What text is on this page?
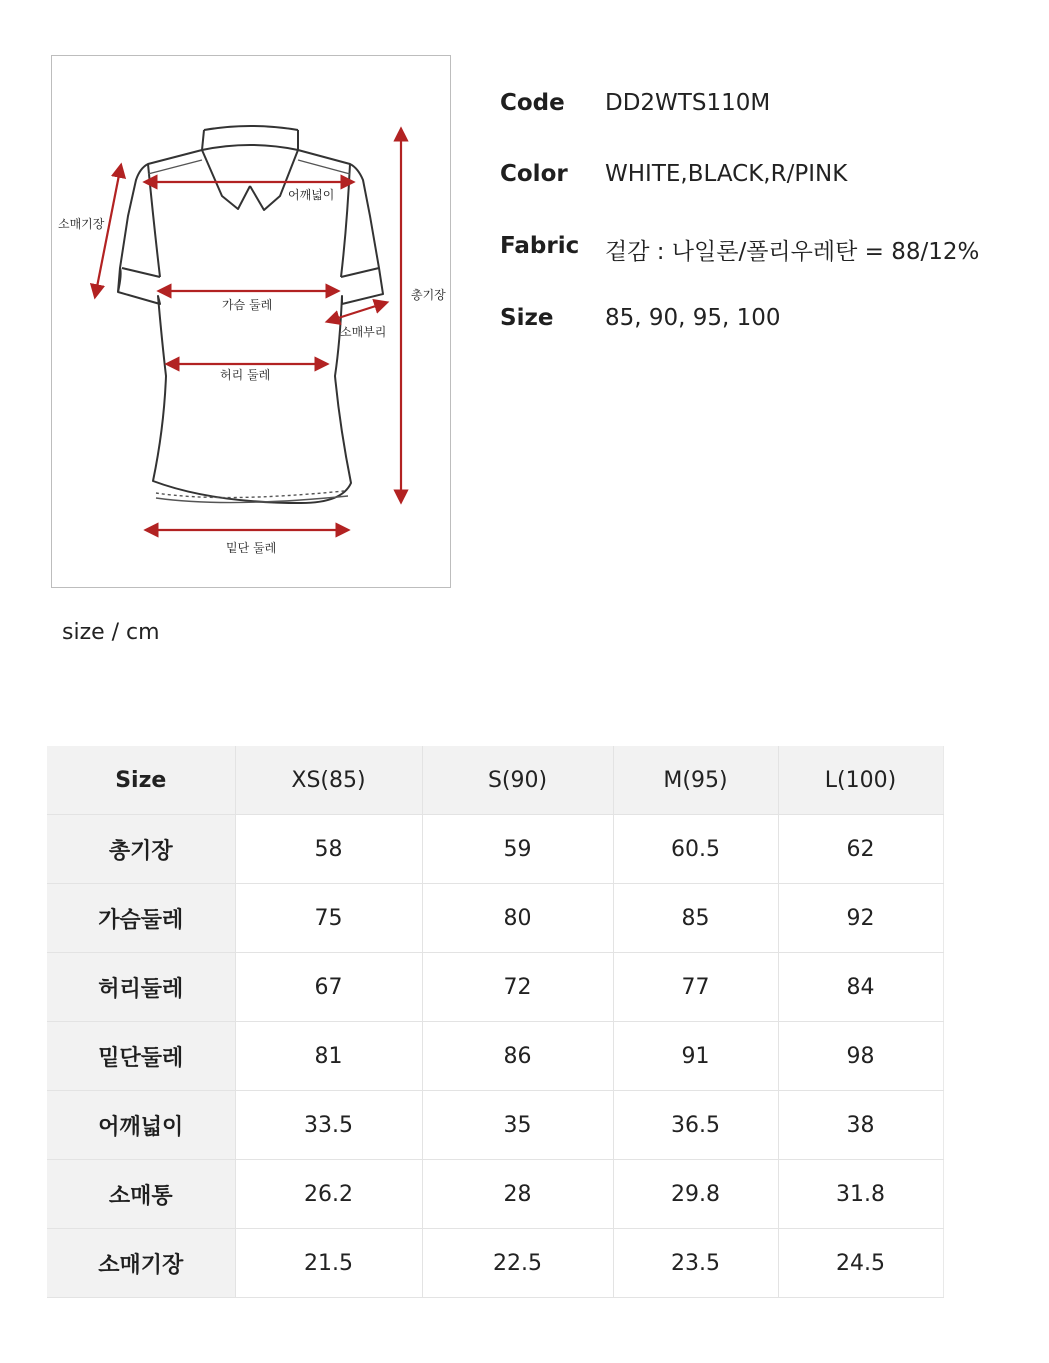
어깨넓이
소매기장
가슴 둘레
소매부리
총기장
허리 둘레
밑단 둘레
Code DD2WTS110M
Color WHITE,BLACK,R/PINK
Fabric 겉감 : 나일론/폴리우레탄 = 88/12%
Size 85, 90, 95, 100
size / cm
Size	XS(85)	S(90)	M(95)	L(100)
총기장	58	59	60.5	62
가슴둘레	75	80	85	92
허리둘레	67	72	77	84
밑단둘레	81	86	91	98
어깨넓이	33.5	35	36.5	38
소매통	26.2	28	29.8	31.8
소매기장	21.5	22.5	23.5	24.5
